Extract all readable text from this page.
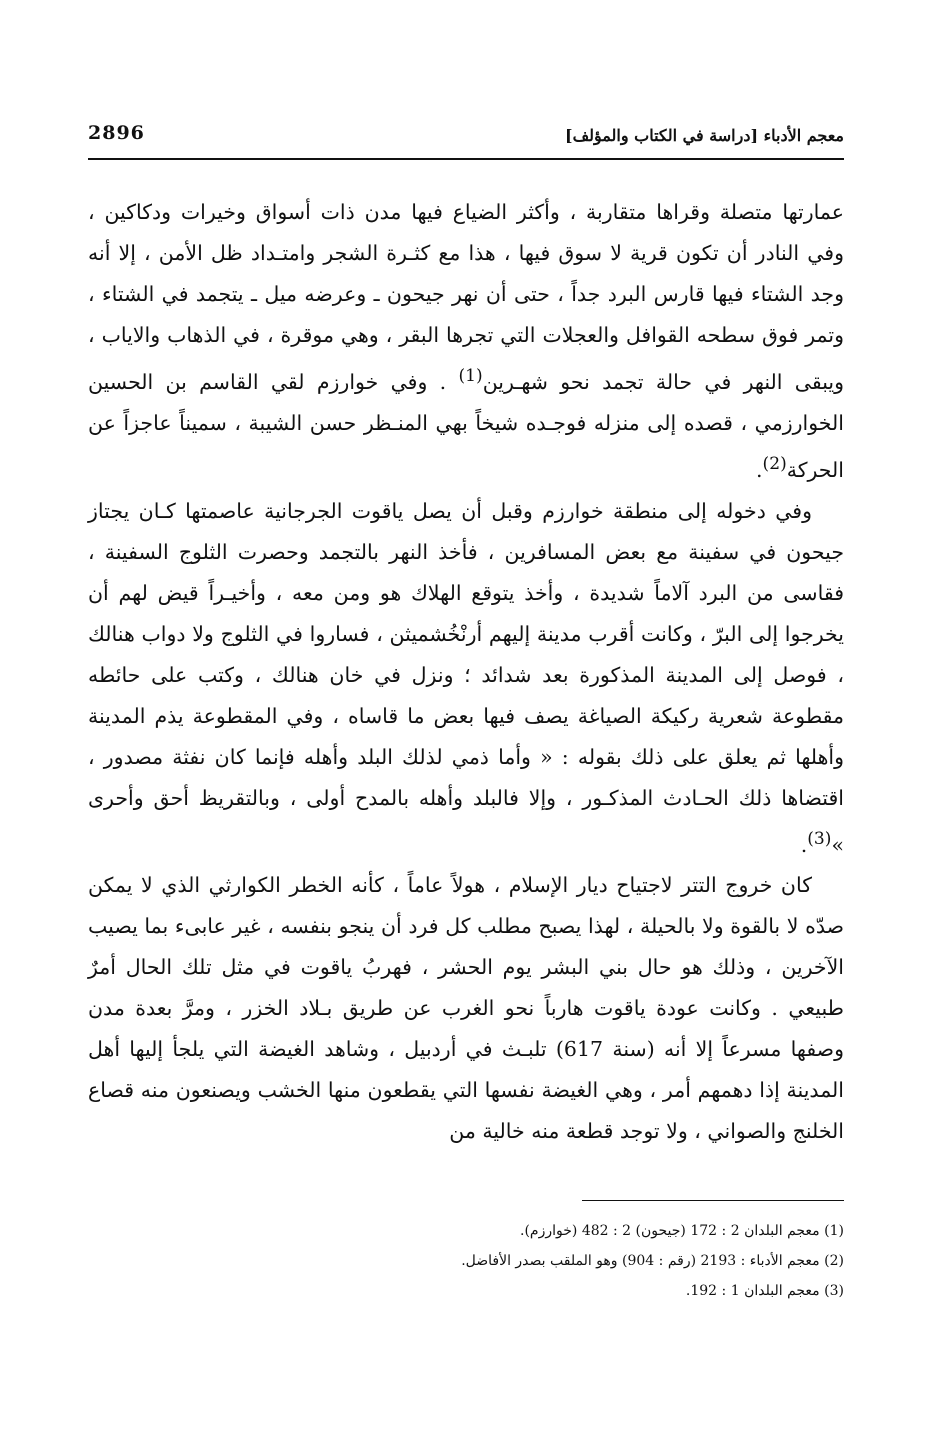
معجم الأدباء [دراسة في الكتاب والمؤلف]
2896

عمارتها متصلة وقراها متقاربة ، وأكثر الضياع فيها مدن ذات أسواق وخيرات ودكاكين ، وفي النادر أن تكون قرية لا سوق فيها ، هذا مع كثـرة الشجر وامتـداد ظل الأمن ، إلا أنه وجد الشتاء فيها قارس البرد جداً ، حتى أن نهر جيحون ـ وعرضه ميل ـ يتجمد في الشتاء ، وتمر فوق سطحه القوافل والعجلات التي تجرها البقر ، وهي موقرة ، في الذهاب والاياب ، ويبقى النهر في حالة تجمد نحو شهـرين$^{(1)}$ . وفي خوارزم لقي القاسم بن الحسين الخوارزمي ، قصده إلى منزله فوجـده شيخاً بهي المنـظر حسن الشيبة ، سميناً عاجزاً عن الحركة$^{(2)}$.

وفي دخوله إلى منطقة خوارزم وقبل أن يصل ياقوت الجرجانية عاصمتها كـان يجتاز جيحون في سفينة مع بعض المسافرين ، فأخذ النهر بالتجمد وحصرت الثلوج السفينة ، فقاسى من البرد آلاماً شديدة ، وأخذ يتوقع الهلاك هو ومن معه ، وأخيـراً قيض لهم أن يخرجوا إلى البرّ ، وكانت أقرب مدينة إليهم أرنْخُشميثن ، فساروا في الثلوج ولا دواب هنالك ، فوصل إلى المدينة المذكورة بعد شدائد ؛ ونزل في خان هنالك ، وكتب على حائطه مقطوعة شعرية ركيكة الصياغة يصف فيها بعض ما قاساه ، وفي المقطوعة يذم المدينة وأهلها ثم يعلق على ذلك بقوله : « وأما ذمي لذلك البلد وأهله فإنما كان نفثة مصدور ، اقتضاها ذلك الحـادث المذكـور ، وإلا فالبلد وأهله بالمدح أولى ، وبالتقريظ أحق وأحرى »$^{(3)}$.

كان خروج التتر لاجتياح ديار الإسلام ، هولاً عاماً ، كأنه الخطر الكوارثي الذي لا يمكن صدّه لا بالقوة ولا بالحيلة ، لهذا يصبح مطلب كل فرد أن ينجو بنفسه ، غير عابىء بما يصيب الآخرين ، وذلك هو حال بني البشر يوم الحشر ، فهربُ ياقوت في مثل تلك الحال أمرٌ طبيعي . وكانت عودة ياقوت هارباً نحو الغرب عن طريق بـلاد الخزر ، ومرَّ بعدة مدن وصفها مسرعاً إلا أنه (سنة 617) تلبـث في أردبيل ، وشاهد الغيضة التي يلجأ إليها أهل المدينة إذا دهمهم أمر ، وهي الغيضة نفسها التي يقطعون منها الخشب ويصنعون منه قصاع الخلنج والصواني ، ولا توجد قطعة منه خالية من

(1) معجم البلدان 2 : 172 (جيحون) 2 : 482 (خوارزم).
(2) معجم الأدباء : 2193 (رقم : 904) وهو الملقب بصدر الأفاضل.
(3) معجم البلدان 1 : 192.
